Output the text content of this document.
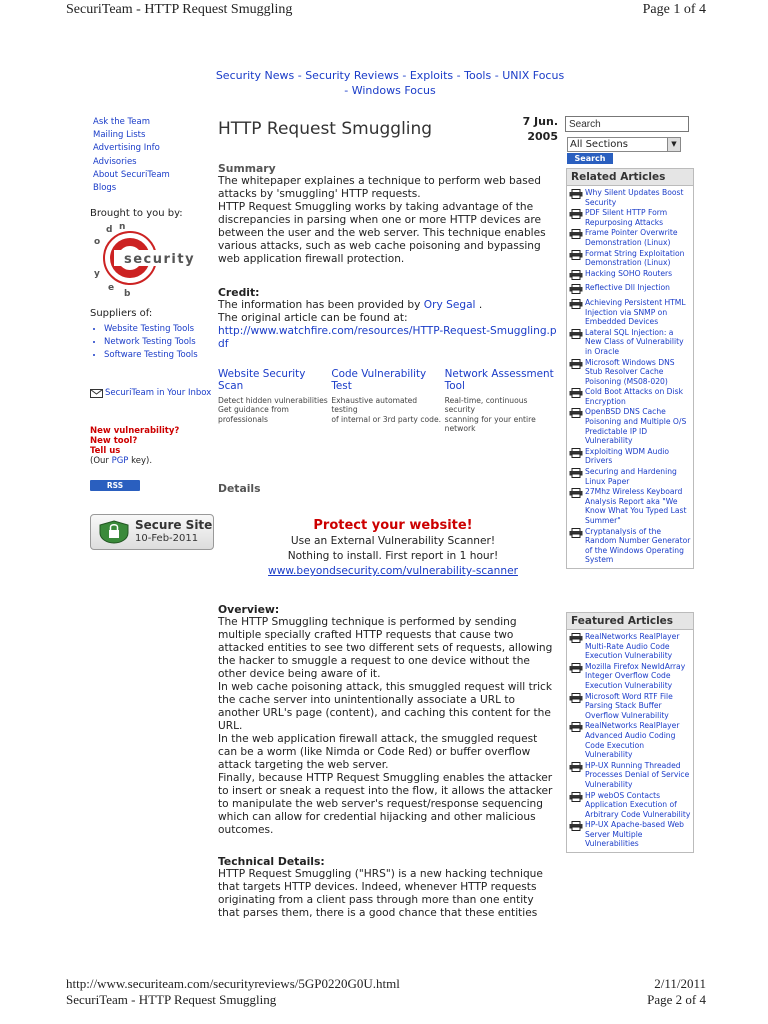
SecuriTeam - HTTP Request Smuggling	Page 1 of 4
Security News - Security Reviews - Exploits - Tools - UNIX Focus - Windows Focus
Ask the Team
Mailing Lists
Advertising Info
Advisories
About SecuriTeam
Blogs
Brought to you by:
security
d n
o
y
e
b
Suppliers of:
• Website Testing Tools
• Network Testing Tools
• Software Testing Tools
SecuriTeam in Your Inbox
New vulnerability?
New tool?
Tell us
(Our PGP key).
RSS
Secure Site
10-Feb-2011
HTTP Request Smuggling	7 Jun.
2005
Summary
The whitepaper explaines a technique to perform web based attacks by 'smuggling' HTTP requests.
HTTP Request Smuggling works by taking advantage of the discrepancies in parsing when one or more HTTP devices are between the user and the web server. This technique enables various attacks, such as web cache poisoning and bypassing web application firewall protection.
Credit:
The information has been provided by Ory Segal .
The original article can be found at:
http://www.watchfire.com/resources/HTTP-Request-Smuggling.pdf
Website Security Scan
Detect hidden vulnerabilities
Get guidance from professionals
Code Vulnerability Test
Exhaustive automated testing
of internal or 3rd party code.
Network Assessment Tool
Real-time, continuous security
scanning for your entire network
Details
Protect your website!
Use an External Vulnerability Scanner!
Nothing to install. First report in 1 hour!
www.beyondsecurity.com/vulnerability-scanner
Overview:
The HTTP Smuggling technique is performed by sending multiple specially crafted HTTP requests that cause two attacked entities to see two different sets of requests, allowing the hacker to smuggle a request to one device without the other device being aware of it.
In web cache poisoning attack, this smuggled request will trick the cache server into unintentionally associate a URL to another URL's page (content), and caching this content for the URL.
In the web application firewall attack, the smuggled request can be a worm (like Nimda or Code Red) or buffer overflow attack targeting the web server.
Finally, because HTTP Request Smuggling enables the attacker to insert or sneak a request into the flow, it allows the attacker to manipulate the web server's request/response sequencing which can allow for credential hijacking and other malicious outcomes.
Technical Details:
HTTP Request Smuggling ("HRS") is a new hacking technique that targets HTTP devices. Indeed, whenever HTTP requests originating from a client pass through more than one entity that parses them, there is a good chance that these entities
Search
All Sections	▼
Search
Related Articles
Why Silent Updates Boost Security
PDF Silent HTTP Form Repurposing Attacks
Frame Pointer Overwrite Demonstration (Linux)
Format String Exploitation Demonstration (Linux)
Hacking SOHO Routers
Reflective Dll Injection
Achieving Persistent HTML Injection via SNMP on Embedded Devices
Lateral SQL Injection: a New Class of Vulnerability in Oracle
Microsoft Windows DNS Stub Resolver Cache Poisoning (MS08-020)
Cold Boot Attacks on Disk Encryption
OpenBSD DNS Cache Poisoning and Multiple O/S Predictable IP ID Vulnerability
Exploiting WDM Audio Drivers
Securing and Hardening Linux Paper
27Mhz Wireless Keyboard Analysis Report aka "We Know What You Typed Last Summer"
Cryptanalysis of the Random Number Generator of the Windows Operating System
Featured Articles
RealNetworks RealPlayer Multi-Rate Audio Code Execution Vulnerability
Mozilla Firefox NewIdArray Integer Overflow Code Execution Vulnerability
Microsoft Word RTF File Parsing Stack Buffer Overflow Vulnerability
RealNetworks RealPlayer Advanced Audio Coding Code Execution Vulnerability
HP-UX Running Threaded Processes Denial of Service Vulnerability
HP webOS Contacts Application Execution of Arbitrary Code Vulnerability
HP-UX Apache-based Web Server Multiple Vulnerabilities
http://www.securiteam.com/securityreviews/5GP0220G0U.html	2/11/2011
SecuriTeam - HTTP Request Smuggling	Page 2 of 4
